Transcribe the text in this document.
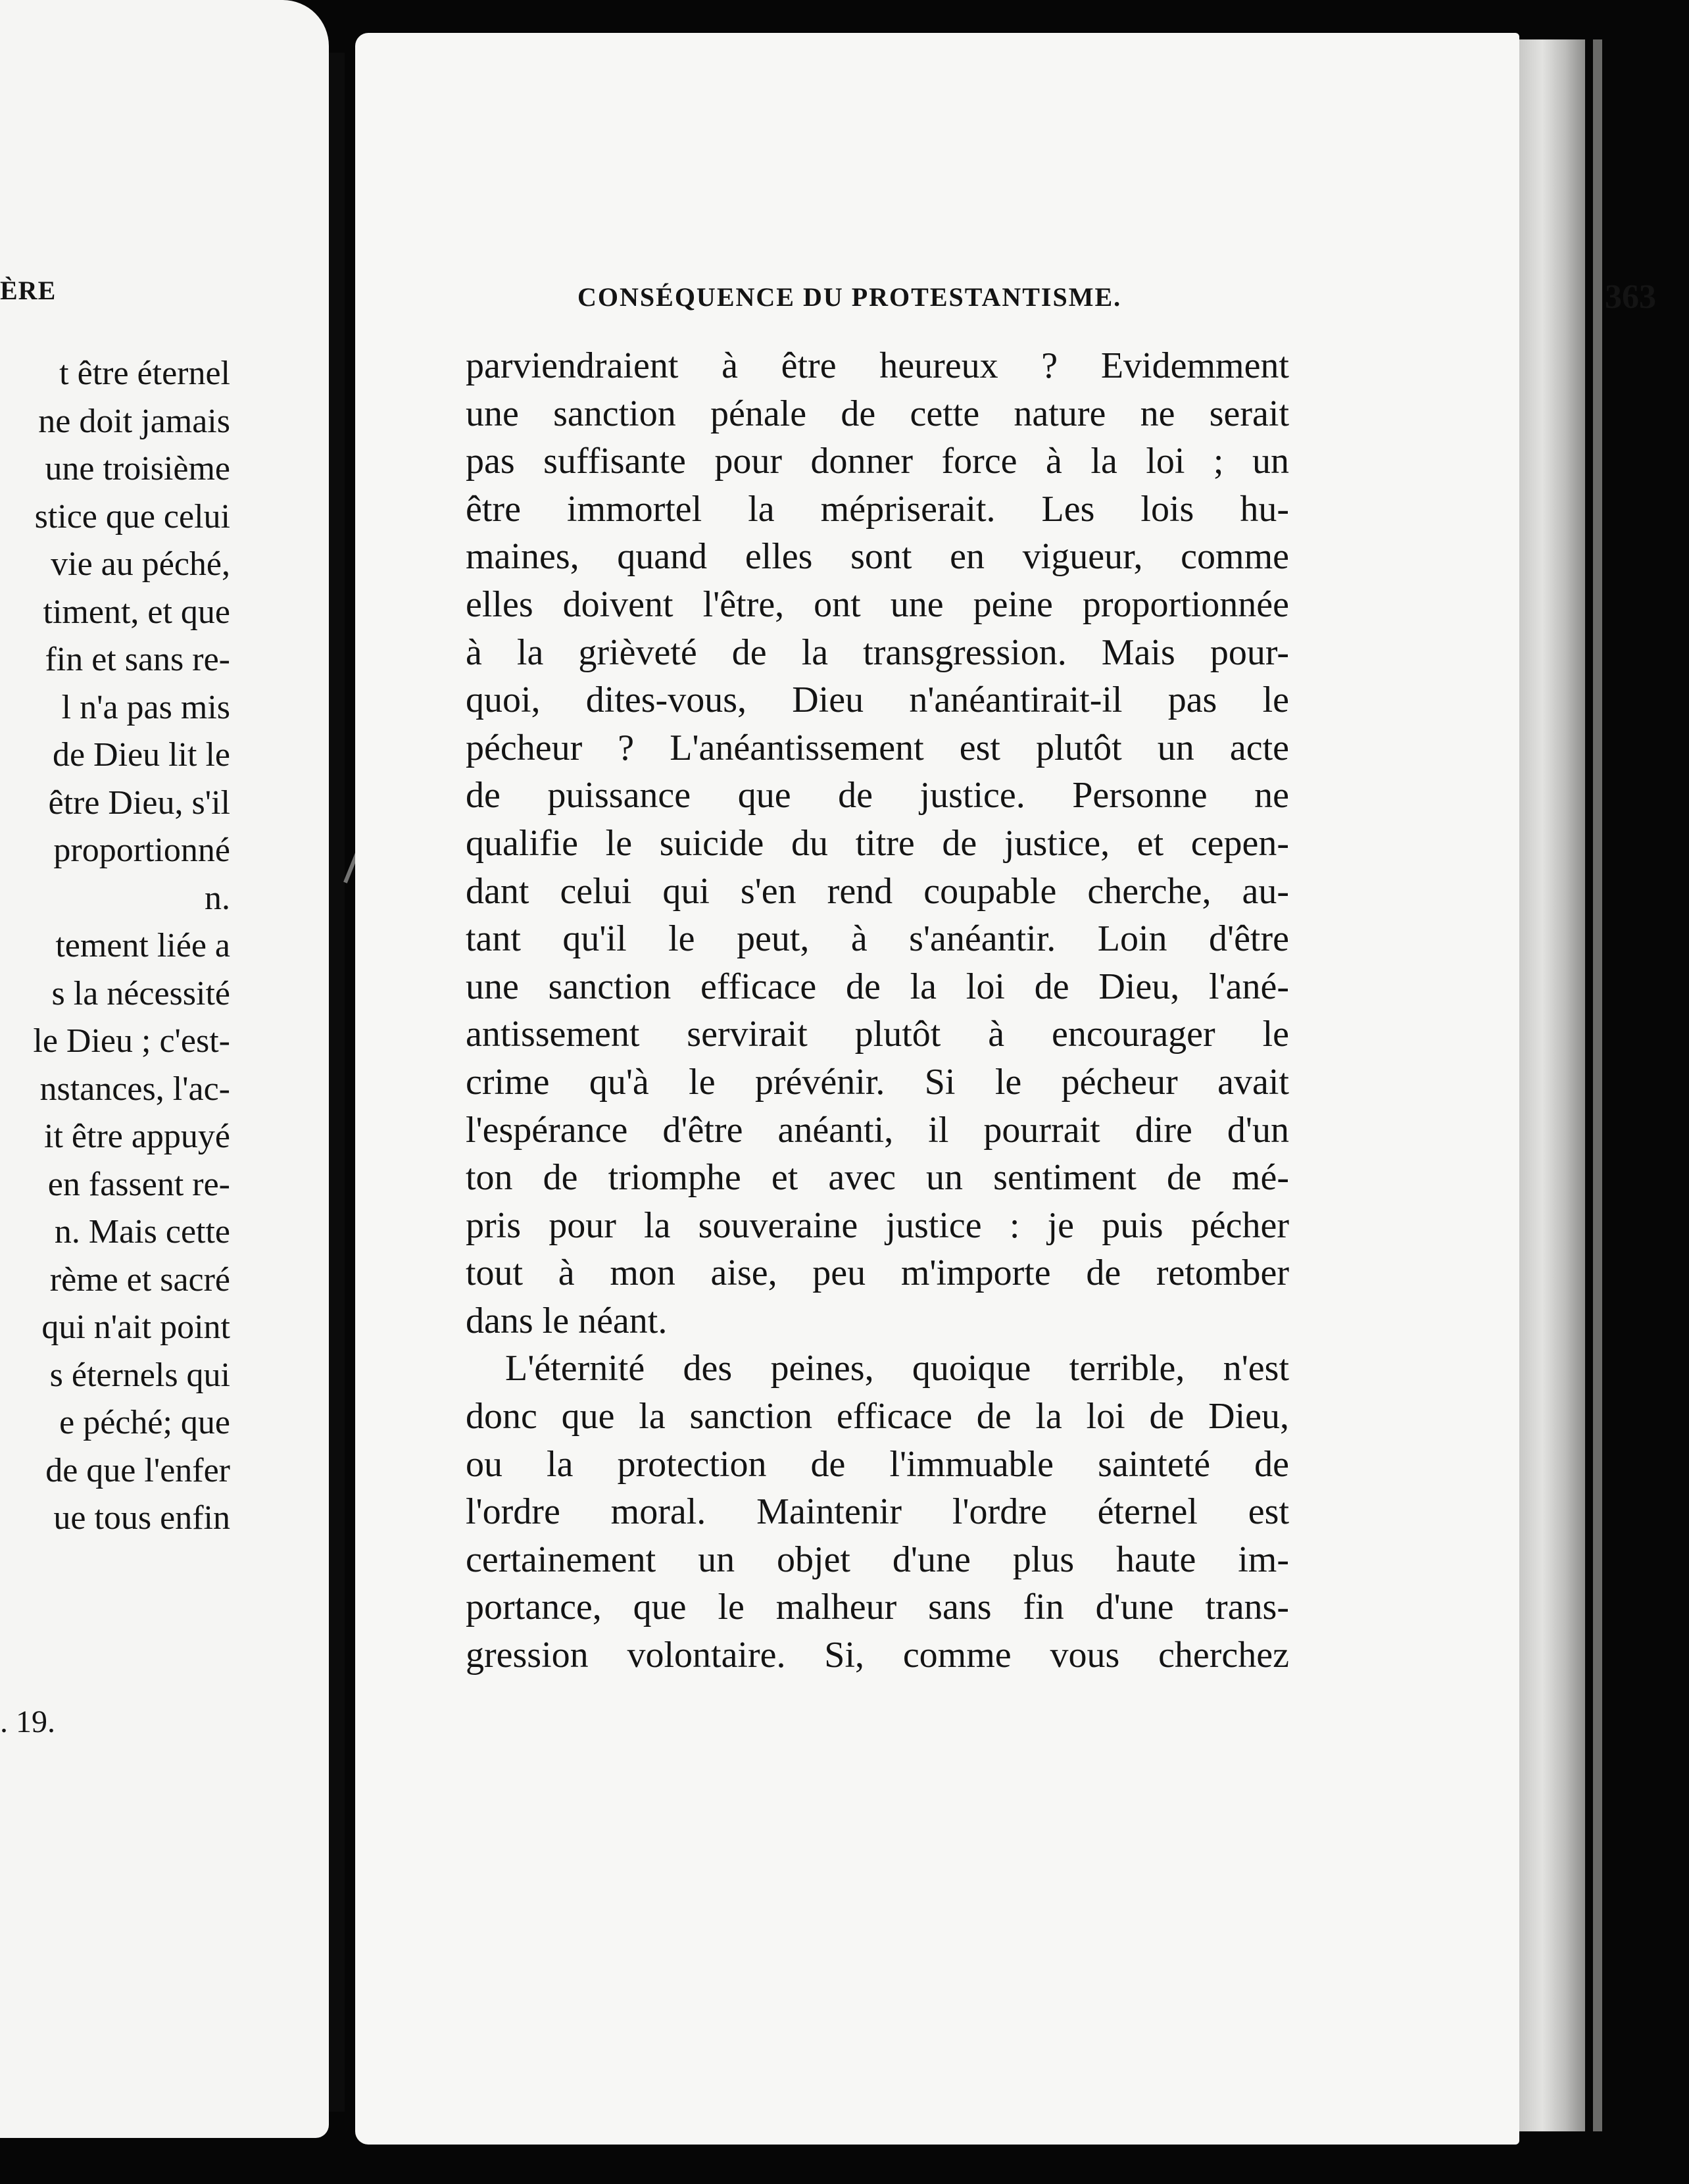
ÈRE
t être éternel
ne doit jamais
une troisième
stice que celui
vie au péché,
timent, et que
fin et sans re-
l n'a pas mis
de Dieu lit le
être Dieu, s'il
proportionné
n.
tement liée a
s la nécessité
le Dieu ; c'est-
nstances, l'ac-
it être appuyé
en fassent re-
n. Mais cette
rème et sacré
qui n'ait point
s éternels qui
e péché; que
de que l'enfer
ue tous enfin
. 19.
CONSÉQUENCE DU PROTESTANTISME.	363
parviendraient à être heureux ? Evidemment
une sanction pénale de cette nature ne serait
pas suffisante pour donner force à la loi ; un
être immortel la mépriserait. Les lois hu-
maines, quand elles sont en vigueur, comme
elles doivent l'être, ont une peine proportionnée
à la grièveté de la transgression. Mais pour-
quoi, dites-vous, Dieu n'anéantirait-il pas le
pécheur ? L'anéantissement est plutôt un acte
de puissance que de justice. Personne ne
qualifie le suicide du titre de justice, et cepen-
dant celui qui s'en rend coupable cherche, au-
tant qu'il le peut, à s'anéantir. Loin d'être
une sanction efficace de la loi de Dieu, l'ané-
antissement servirait plutôt à encourager le
crime qu'à le prévénir. Si le pécheur avait
l'espérance d'être anéanti, il pourrait dire d'un
ton de triomphe et avec un sentiment de mé-
pris pour la souveraine justice : je puis pécher
tout à mon aise, peu m'importe de retomber
dans le néant.
L'éternité des peines, quoique terrible, n'est
donc que la sanction efficace de la loi de Dieu,
ou la protection de l'immuable sainteté de
l'ordre moral. Maintenir l'ordre éternel est
certainement un objet d'une plus haute im-
portance, que le malheur sans fin d'une trans-
gression volontaire. Si, comme vous cherchez
